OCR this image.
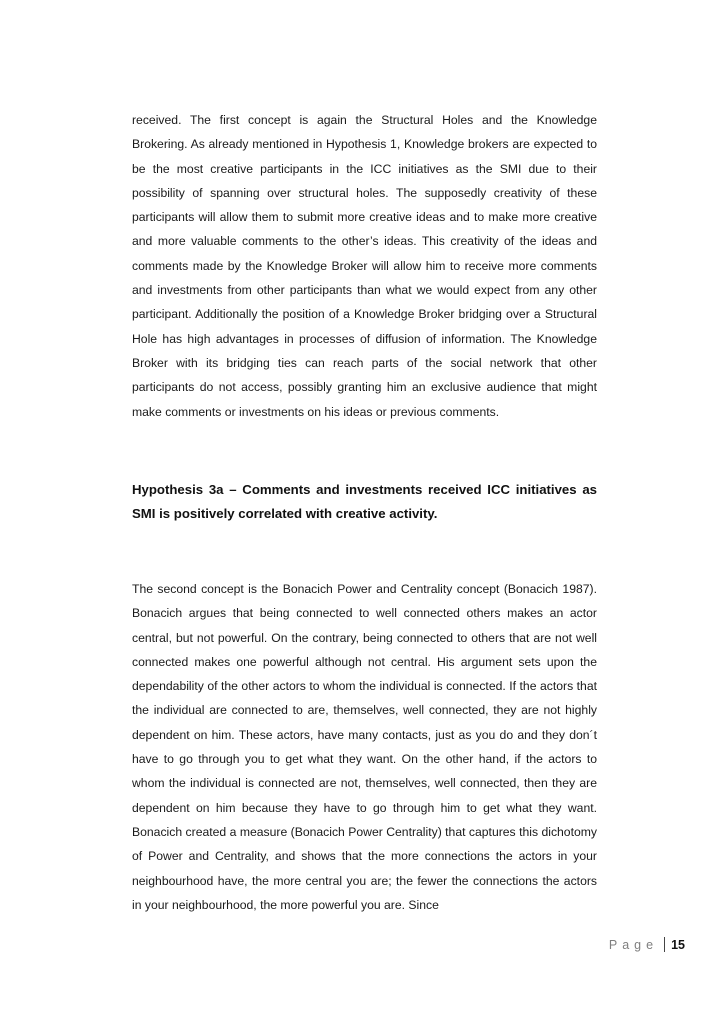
received. The first concept is again the Structural Holes and the Knowledge Brokering. As already mentioned in Hypothesis 1, Knowledge brokers are expected to be the most creative participants in the ICC initiatives as the SMI due to their possibility of spanning over structural holes. The supposedly creativity of these participants will allow them to submit more creative ideas and to make more creative and more valuable comments to the other’s ideas. This creativity of the ideas and comments made by the Knowledge Broker will allow him to receive more comments and investments from other participants than what we would expect from any other participant. Additionally the position of a Knowledge Broker bridging over a Structural Hole has high advantages in processes of diffusion of information. The Knowledge Broker with its bridging ties can reach parts of the social network that other participants do not access, possibly granting him an exclusive audience that might make comments or investments on his ideas or previous comments.

Hypothesis 3a – Comments and investments received ICC initiatives as SMI is positively correlated with creative activity.

The second concept is the Bonacich Power and Centrality concept (Bonacich 1987). Bonacich argues that being connected to well connected others makes an actor central, but not powerful. On the contrary, being connected to others that are not well connected makes one powerful although not central. His argument sets upon the dependability of the other actors to whom the individual is connected. If the actors that the individual are connected to are, themselves, well connected, they are not highly dependent on him. These actors, have many contacts, just as you do and they don´t have to go through you to get what they want. On the other hand, if the actors to whom the individual is connected are not, themselves, well connected, then they are dependent on him because they have to go through him to get what they want. Bonacich created a measure (Bonacich Power Centrality) that captures this dichotomy of Power and Centrality, and shows that the more connections the actors in your neighbourhood have, the more central you are; the fewer the connections the actors in your neighbourhood, the more powerful you are. Since

Page 15
